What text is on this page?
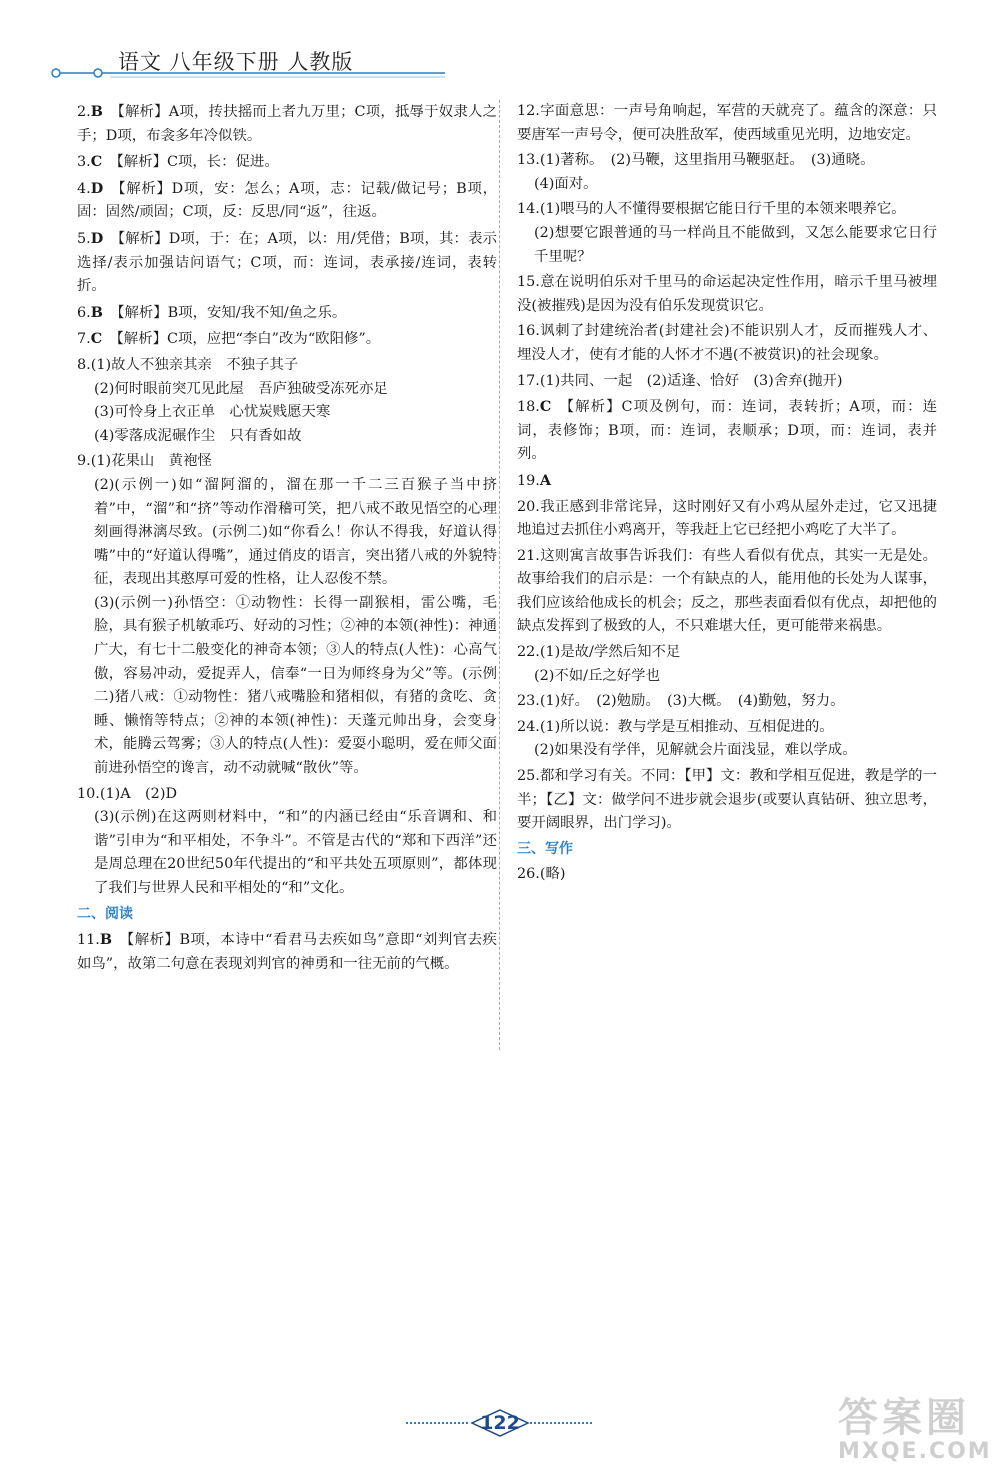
语文 八年级下册 人教版

2.B  【解析】A项，抟扶摇而上者九万里；C项，抵辱于奴隶人之手；D项，布衾多年冷似铁。

3.C  【解析】C项，长：促进。

4.D  【解析】D项，安：怎么；A项，志：记载/做记号；B项，固：固然/顽固；C项，反：反思/同“返”，往返。

5.D  【解析】D项，于：在；A项，以：用/凭借；B项，其：表示选择/表示加强诘问语气；C项，而：连词，表承接/连词，表转折。

6.B  【解析】B项，安知/我不知/鱼之乐。

7.C  【解析】C项，应把“李白”改为“欧阳修”。

8.(1)故人不独亲其亲　不独子其子

(2)何时眼前突兀见此屋　吾庐独破受冻死亦足

(3)可怜身上衣正单　心忧炭贱愿天寒

(4)零落成泥碾作尘　只有香如故

9.(1)花果山　黄袍怪

(2)(示例一)如“溜阿溜的，溜在那一千二三百猴子当中挤着”中，“溜”和“挤”等动作滑稽可笑，把八戒不敢见悟空的心理刻画得淋漓尽致。(示例二)如“你看么！你认不得我，好道认得嘴”中的“好道认得嘴”，通过俏皮的语言，突出猪八戒的外貌特征，表现出其憨厚可爱的性格，让人忍俊不禁。

(3)(示例一)孙悟空：①动物性：长得一副猴相，雷公嘴，毛脸，具有猴子机敏乖巧、好动的习性；②神的本领(神性)：神通广大，有七十二般变化的神奇本领；③人的特点(人性)：心高气傲，容易冲动，爱捉弄人，信奉“一日为师终身为父”等。(示例二)猪八戒：①动物性：猪八戒嘴脸和猪相似，有猪的贪吃、贪睡、懒惰等特点；②神的本领(神性)：天蓬元帅出身，会变身术，能腾云驾雾；③人的特点(人性)：爱耍小聪明，爱在师父面前进孙悟空的谗言，动不动就喊“散伙”等。

10.(1)A　(2)D

(3)(示例)在这两则材料中，“和”的内涵已经由“乐音调和、和谐”引申为“和平相处，不争斗”。不管是古代的“郑和下西洋”还是周总理在20世纪50年代提出的“和平共处五项原则”，都体现了我们与世界人民和平相处的“和”文化。

二、阅读

11.B  【解析】B项，本诗中“看君马去疾如鸟”意即“刘判官去疾如鸟”，故第二句意在表现刘判官的神勇和一往无前的气概。

12.字面意思：一声号角响起，军营的天就亮了。蕴含的深意：只要唐军一声号令，便可决胜敌军，使西域重见光明，边地安定。

13.(1)著称。　(2)马鞭，这里指用马鞭驱赶。　(3)通晓。

(4)面对。

14.(1)喂马的人不懂得要根据它能日行千里的本领来喂养它。

(2)想要它跟普通的马一样尚且不能做到，又怎么能要求它日行千里呢？

15.意在说明伯乐对千里马的命运起决定性作用，暗示千里马被埋没(被摧残)是因为没有伯乐发现赏识它。

16.讽刺了封建统治者(封建社会)不能识别人才，反而摧残人才、埋没人才，使有才能的人怀才不遇(不被赏识)的社会现象。

17.(1)共同、一起　(2)适逢、恰好　(3)舍弃(抛开)

18.C  【解析】C项及例句，而：连词，表转折；A项，而：连词，表修饰；B项，而：连词，表顺承；D项，而：连词，表并列。

19.A 

20.我正感到非常诧异，这时刚好又有小鸡从屋外走过，它又迅捷地追过去抓住小鸡离开，等我赶上它已经把小鸡吃了大半了。

21.这则寓言故事告诉我们：有些人看似有优点，其实一无是处。故事给我们的启示是：一个有缺点的人，能用他的长处为人谋事，我们应该给他成长的机会；反之，那些表面看似有优点，却把他的缺点发挥到了极致的人，不只难堪大任，更可能带来祸患。

22.(1)是故/学然后知不足

(2)不如/丘之好学也

23.(1)好。　(2)勉励。　(3)大概。　(4)勤勉，努力。

24.(1)所以说：教与学是互相推动、互相促进的。

(2)如果没有学伴，见解就会片面浅显，难以学成。

25.都和学习有关。不同：【甲】文：教和学相互促进，教是学的一半；【乙】文：做学问不进步就会退步(或要认真钻研、独立思考，要开阔眼界，出门学习)。

三、写作

26.(略)

122	答案圈
MXQE.COM
